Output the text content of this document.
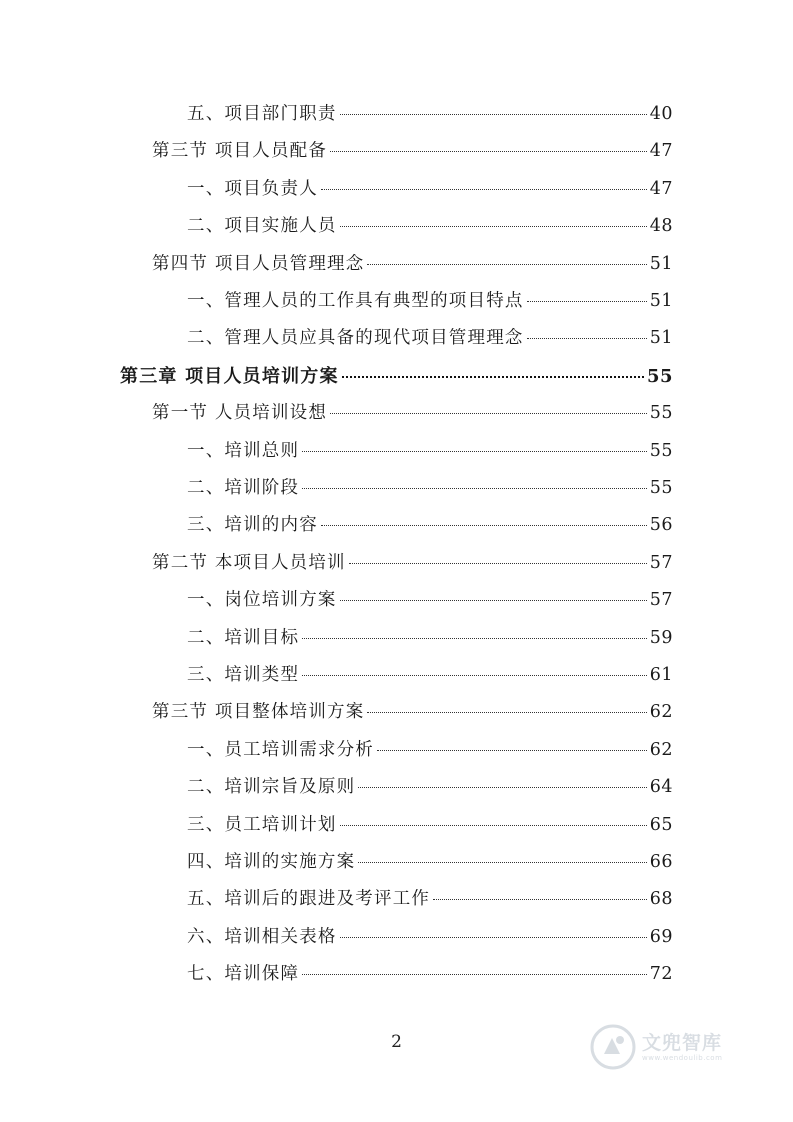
五、项目部门职责	40
第三节 项目人员配备	47
一、项目负责人	47
二、项目实施人员	48
第四节 项目人员管理理念	51
一、管理人员的工作具有典型的项目特点	51
二、管理人员应具备的现代项目管理理念	51
第三章 项目人员培训方案	55
第一节 人员培训设想	55
一、培训总则	55
二、培训阶段	55
三、培训的内容	56
第二节 本项目人员培训	57
一、岗位培训方案	57
二、培训目标	59
三、培训类型	61
第三节 项目整体培训方案	62
一、员工培训需求分析	62
二、培训宗旨及原则	64
三、员工培训计划	65
四、培训的实施方案	66
五、培训后的跟进及考评工作	68
六、培训相关表格	69
七、培训保障	72
2	文兜智库
www.wendoulib.com
